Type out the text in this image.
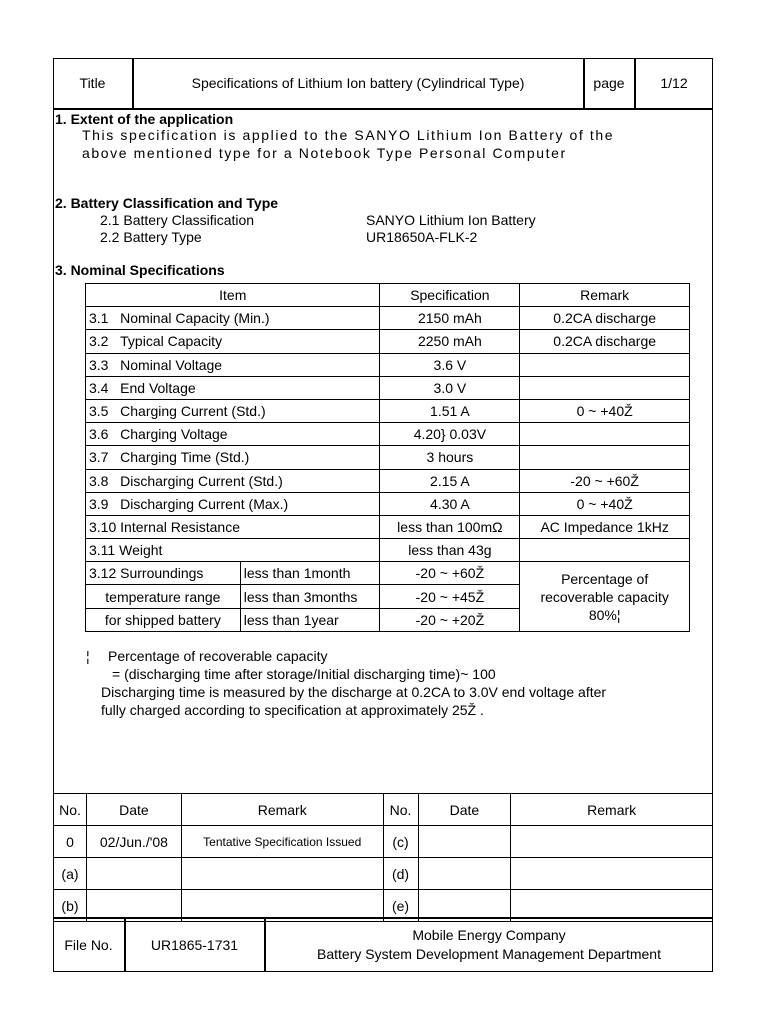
Title	Specifications of Lithium Ion battery (Cylindrical Type)	page	1/12
1. Extent of the application
This specification is applied to the SANYO Lithium Ion Battery of the
above mentioned type for a Notebook Type Personal Computer
2. Battery Classification and Type
2.1 Battery Classification	SANYO Lithium Ion Battery
2.2 Battery Type	UR18650A-FLK-2
3. Nominal Specifications
Item		Specification	Remark
3.1 Nominal Capacity (Min.)		2150 mAh	0.2CA discharge
3.2 Typical Capacity		2250 mAh	0.2CA discharge
3.3 Nominal Voltage		3.6 V	
3.4 End Voltage		3.0 V	
3.5 Charging Current (Std.)		1.51 A	0 ~ +40Ž
3.6 Charging Voltage		4.20} 0.03V	
3.7 Charging Time (Std.)		3 hours	
3.8 Discharging Current (Std.)		2.15 A	-20 ~ +60Ž
3.9 Discharging Current (Max.)		4.30 A	0 ~ +40Ž
3.10 Internal Resistance		less than 100mΩ	AC Impedance 1kHz
3.11 Weight		less than 43g	
3.12 Surroundings	less than 1month	-20 ~ +60Ž	Percentage of
recoverable capacity
80%¦

temperature range	less than 3months	-20 ~ +45Ž	
for shipped battery	less than 1year	-20 ~ +20Ž	
¦ Percentage of recoverable capacity
= (discharging time after storage/Initial discharging time)~ 100
Discharging time is measured by the discharge at 0.2CA to 3.0V end voltage after
fully charged according to specification at approximately 25Ž .
No.	Date	Remark	No.	Date	Remark
0	02/Jun./'08	Tentative Specification Issued	(c)		
(a)			(d)		
(b)			(e)		
File No.	UR1865-1731
Mobile Energy Company
Battery System Development Management Department
